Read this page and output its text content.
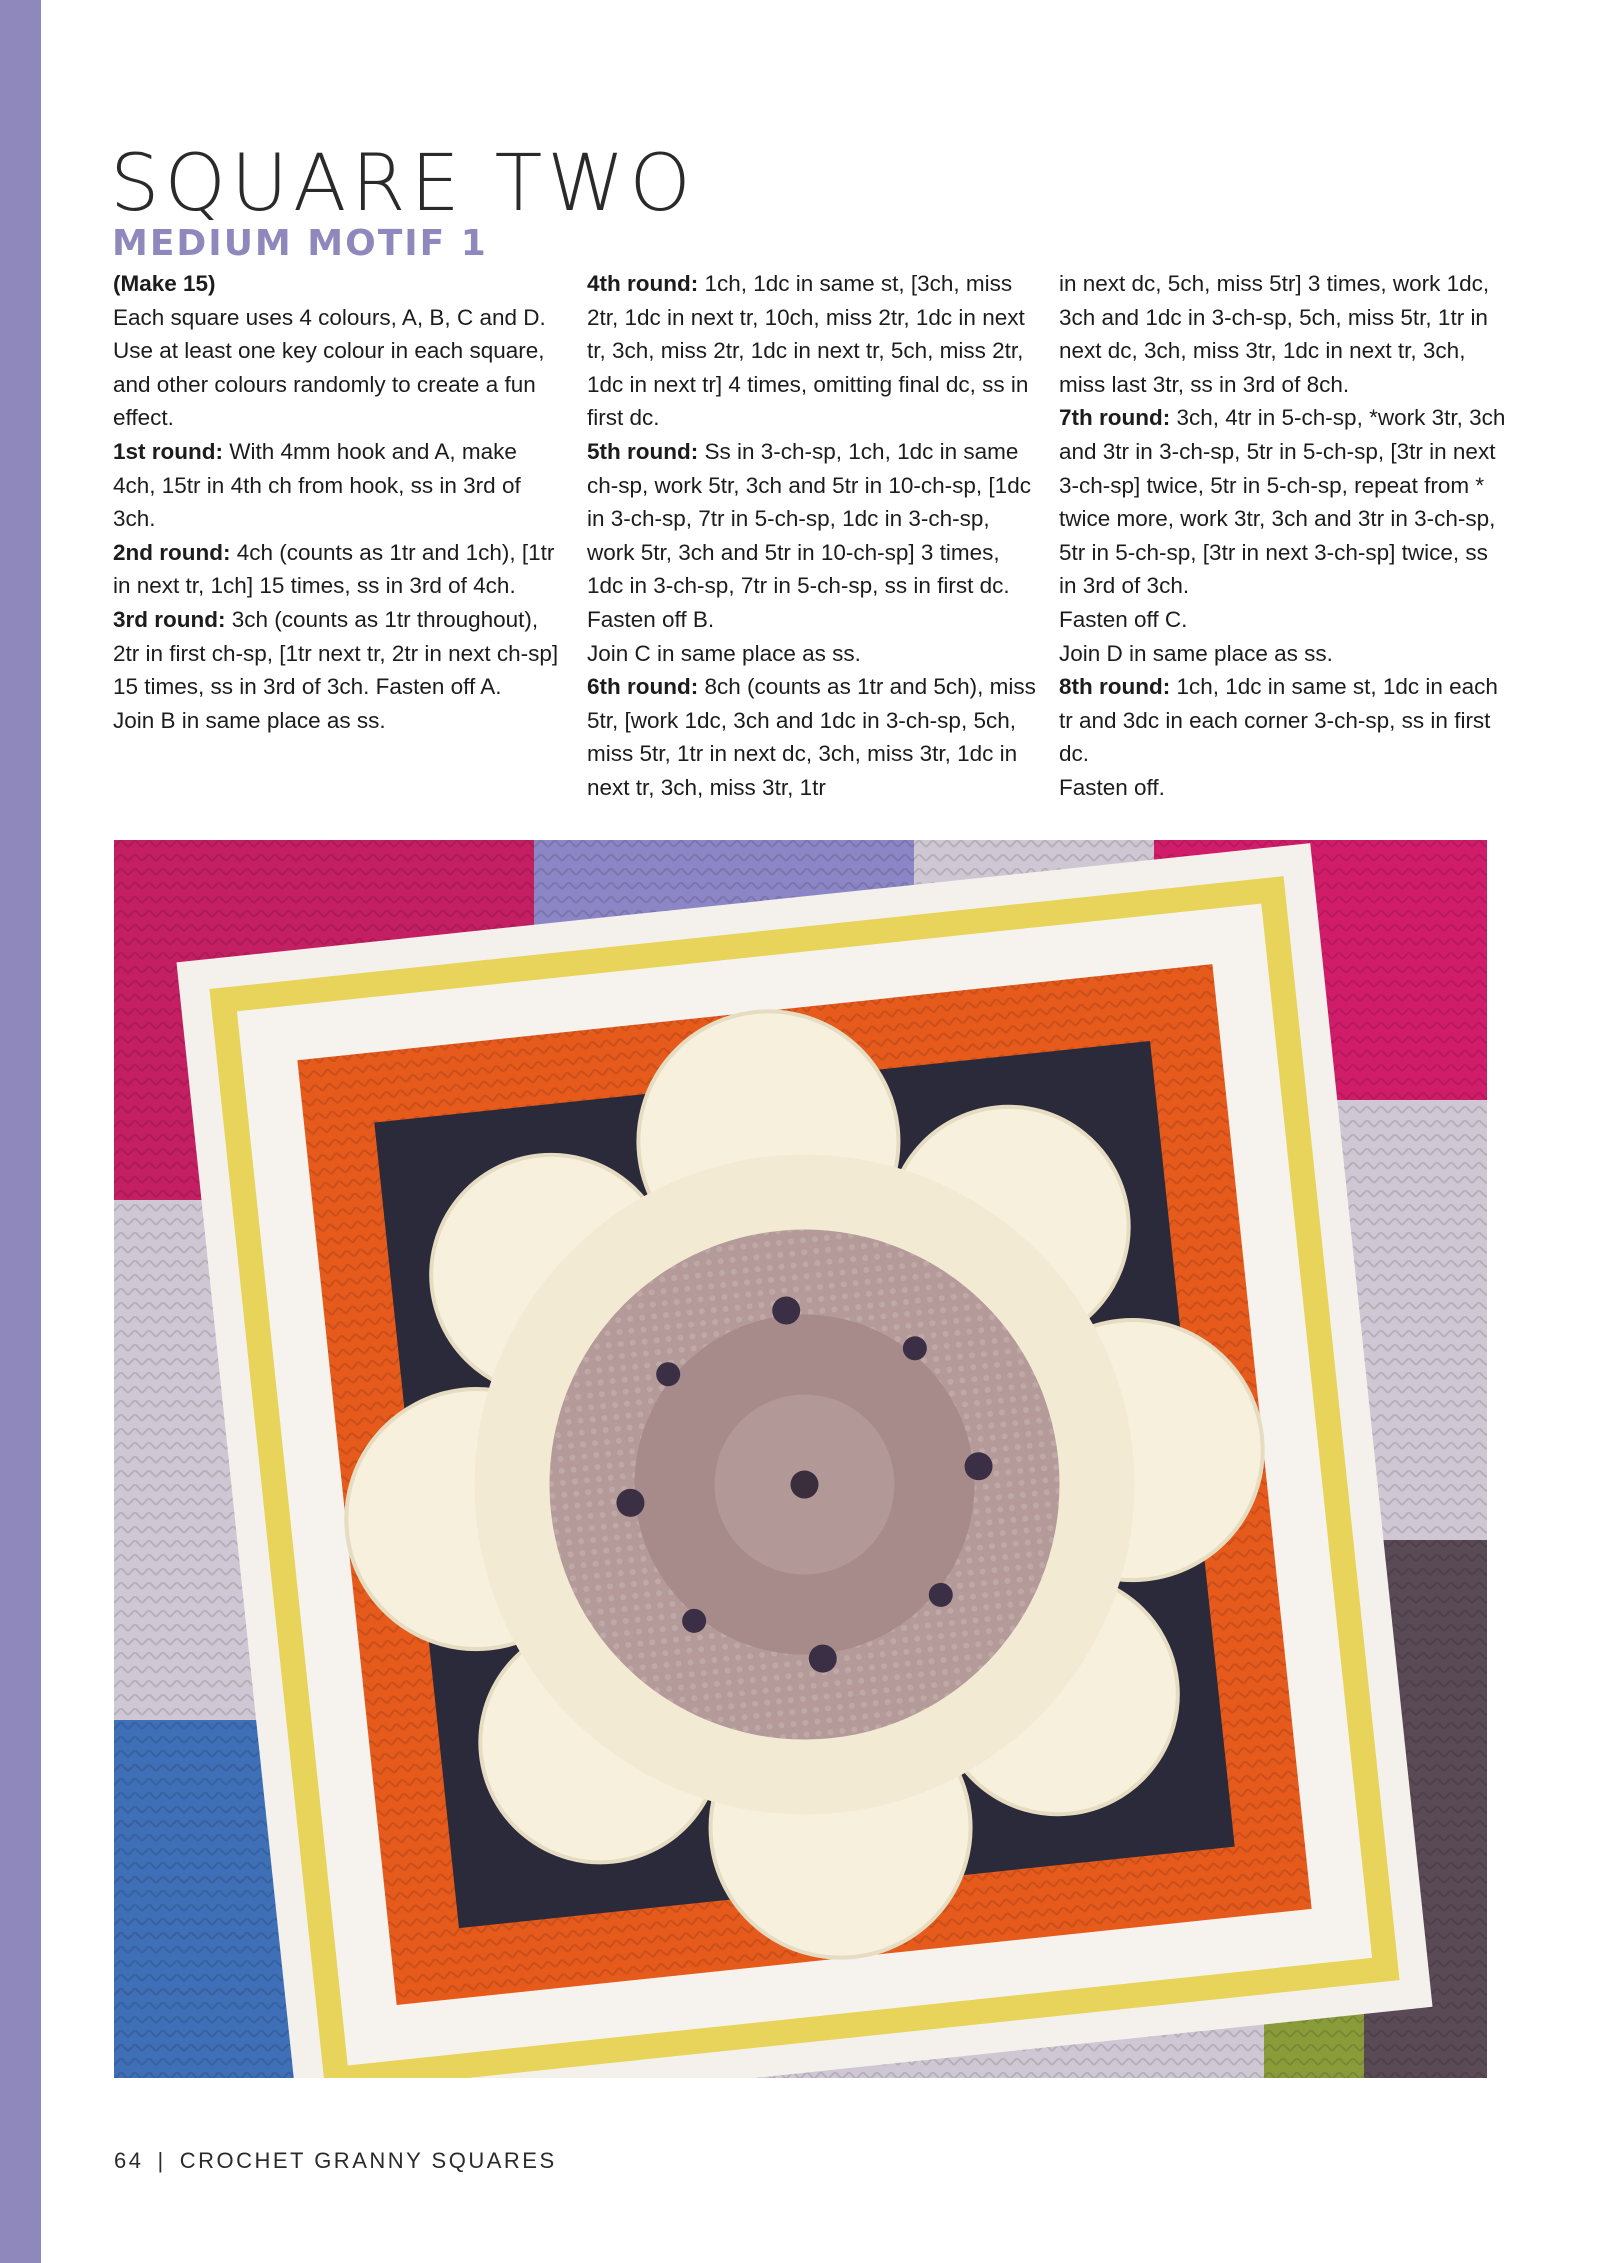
SQUARE TWO
MEDIUM MOTIF 1

(Make 15)

Each square uses 4 colours, A, B, C and D. Use at least one key colour in each square, and other colours randomly to create a fun effect.

1st round: With 4mm hook and A, make 4ch, 15tr in 4th ch from hook, ss in 3rd of 3ch.

2nd round: 4ch (counts as 1tr and 1ch), [1tr in next tr, 1ch] 15 times, ss in 3rd of 4ch.

3rd round: 3ch (counts as 1tr throughout), 2tr in first ch-sp, [1tr next tr, 2tr in next ch-sp] 15 times, ss in 3rd of 3ch. Fasten off A.

Join B in same place as ss.

4th round: 1ch, 1dc in same st, [3ch, miss 2tr, 1dc in next tr, 10ch, miss 2tr, 1dc in next tr, 3ch, miss 2tr, 1dc in next tr, 5ch, miss 2tr, 1dc in next tr] 4 times, omitting final dc, ss in first dc.

5th round: Ss in 3-ch-sp, 1ch, 1dc in same ch-sp, work 5tr, 3ch and 5tr in 10-ch-sp, [1dc in 3-ch-sp, 7tr in 5-ch-sp, 1dc in 3-ch-sp, work 5tr, 3ch and 5tr in 10-ch-sp] 3 times, 1dc in 3-ch-sp, 7tr in 5-ch-sp, ss in first dc. Fasten off B.

Join C in same place as ss.

6th round: 8ch (counts as 1tr and 5ch), miss 5tr, [work 1dc, 3ch and 1dc in 3-ch-sp, 5ch, miss 5tr, 1tr in next dc, 3ch, miss 3tr, 1dc in next tr, 3ch, miss 3tr, 1tr

in next dc, 5ch, miss 5tr] 3 times, work 1dc, 3ch and 1dc in 3-ch-sp, 5ch, miss 5tr, 1tr in next dc, 3ch, miss 3tr, 1dc in next tr, 3ch, miss last 3tr, ss in 3rd of 8ch.

7th round: 3ch, 4tr in 5-ch-sp, *work 3tr, 3ch and 3tr in 3-ch-sp, 5tr in 5-ch-sp, [3tr in next 3-ch-sp] twice, 5tr in 5-ch-sp, repeat from * twice more, work 3tr, 3ch and 3tr in 3-ch-sp, 5tr in 5-ch-sp, [3tr in next 3-ch-sp] twice, ss in 3rd of 3ch.

Fasten off C.

Join D in same place as ss.

8th round: 1ch, 1dc in same st, 1dc in each tr and 3dc in each corner 3-ch-sp, ss in first dc.

Fasten off.

64 | CROCHET GRANNY SQUARES
